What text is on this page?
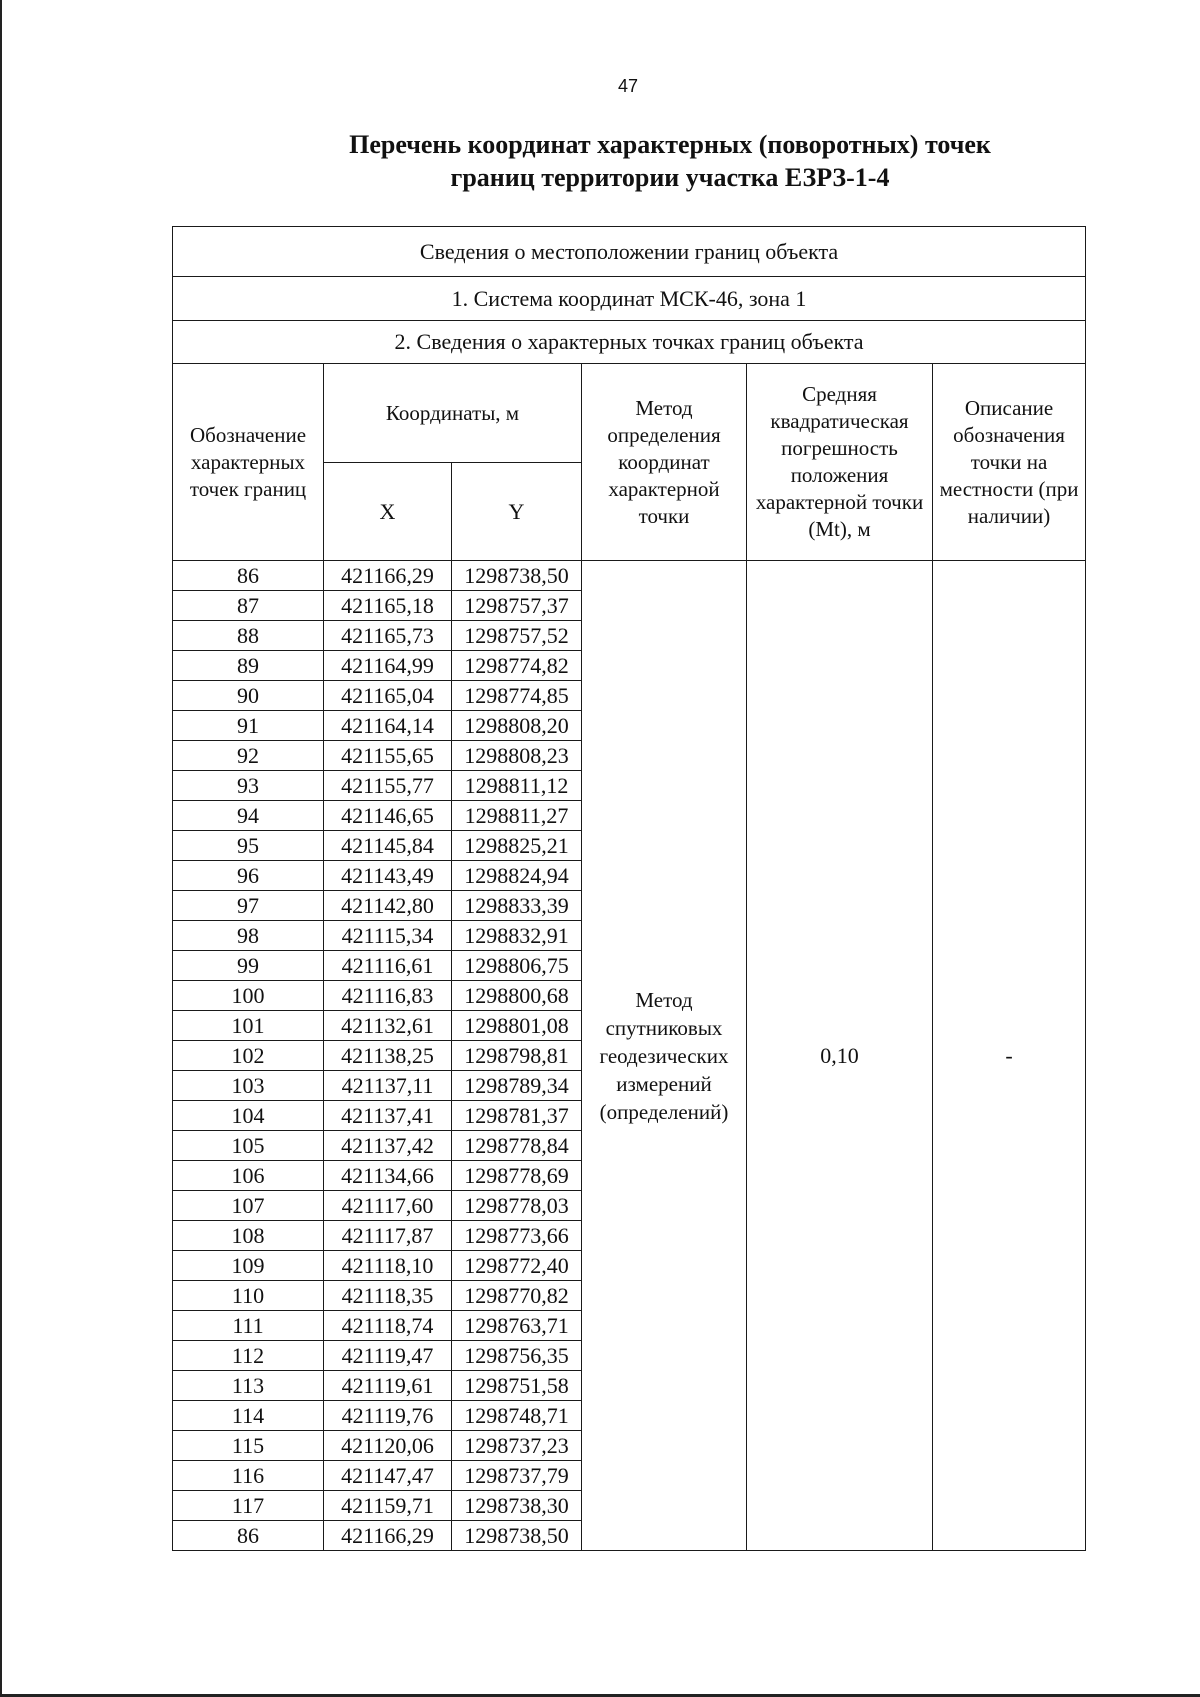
47
Перечень координат характерных (поворотных) точек
границ территории участка ЕЗРЗ-1-4
Сведения о местоположении границ объекта					
1. Система координат МСК-46, зона 1					
2. Сведения о характерных точках границ объекта					
Обозначение характерных точек границ	Координаты, м		Метод определения координат характерной точки	Средняя квадратическая погрешность положения характерной точки (Mt), м	Описание обозначения точки на местности (при наличии)
	X	Y			
86	421166,29	1298738,50	Метод спутниковых геодезических измерений (определений)	0,10	-
87	421165,18	1298757,37			
88	421165,73	1298757,52			
89	421164,99	1298774,82			
90	421165,04	1298774,85			
91	421164,14	1298808,20			
92	421155,65	1298808,23			
93	421155,77	1298811,12			
94	421146,65	1298811,27			
95	421145,84	1298825,21			
96	421143,49	1298824,94			
97	421142,80	1298833,39			
98	421115,34	1298832,91			
99	421116,61	1298806,75			
100	421116,83	1298800,68			
101	421132,61	1298801,08			
102	421138,25	1298798,81			
103	421137,11	1298789,34			
104	421137,41	1298781,37			
105	421137,42	1298778,84			
106	421134,66	1298778,69			
107	421117,60	1298778,03			
108	421117,87	1298773,66			
109	421118,10	1298772,40			
110	421118,35	1298770,82			
111	421118,74	1298763,71			
112	421119,47	1298756,35			
113	421119,61	1298751,58			
114	421119,76	1298748,71			
115	421120,06	1298737,23			
116	421147,47	1298737,79			
117	421159,71	1298738,30			
86	421166,29	1298738,50			
